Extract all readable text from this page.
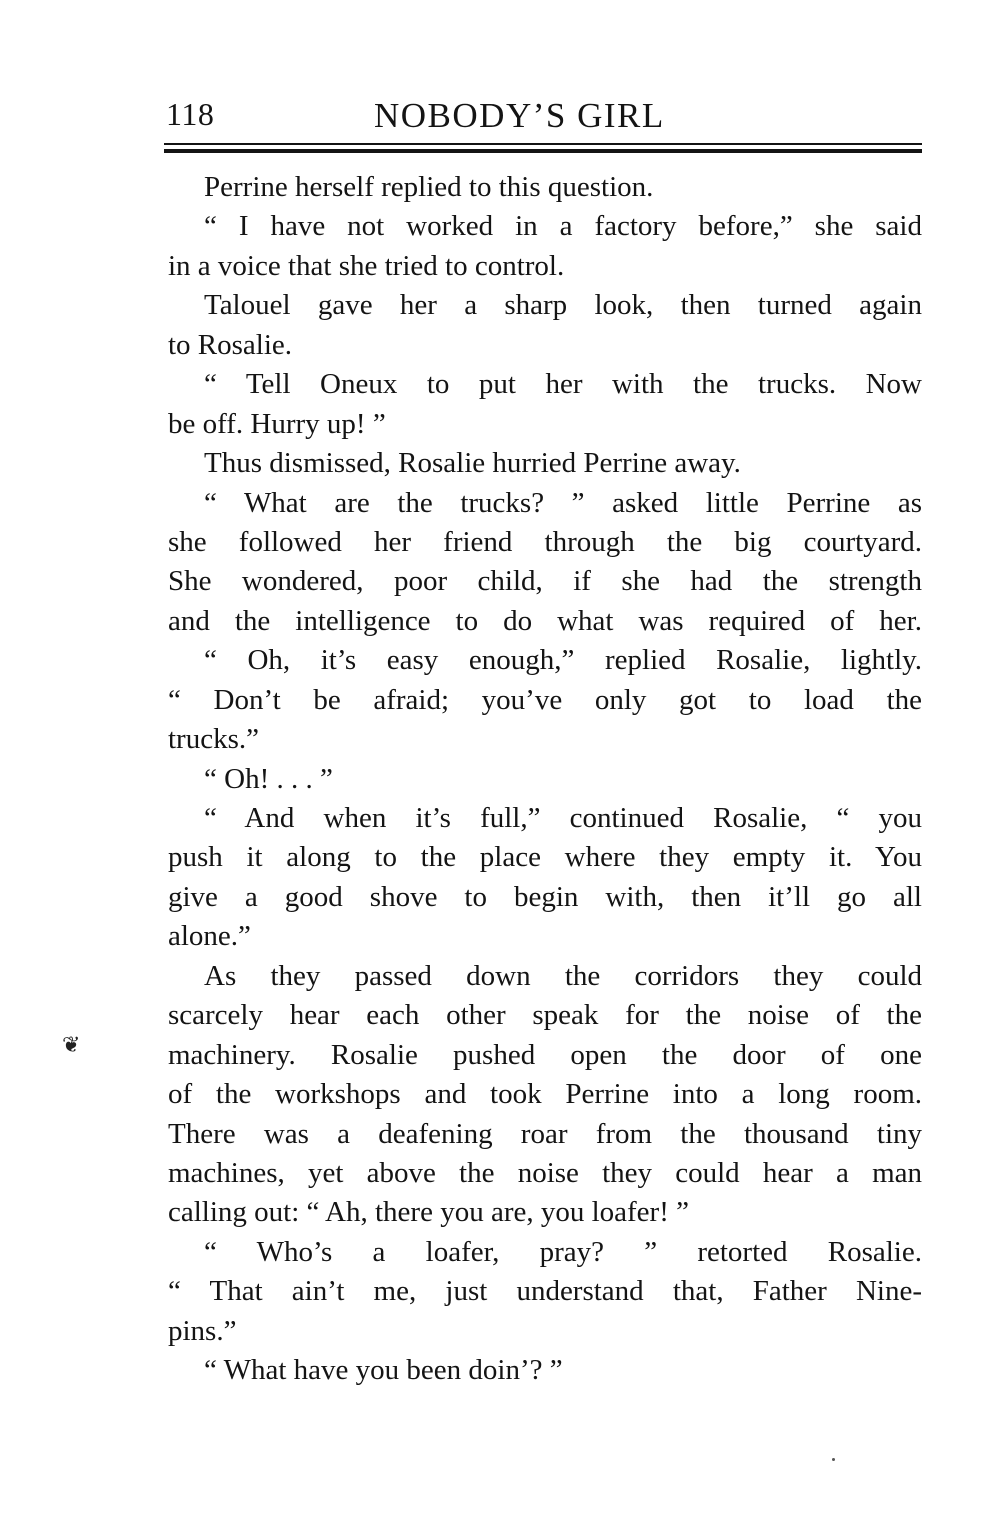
118	NOBODY’S GIRL
Perrine herself replied to this question.
“ I have not worked in a factory before,” she said
in a voice that she tried to control.
Talouel gave her a sharp look, then turned again
to Rosalie.
“ Tell Oneux to put her with the trucks. Now
be off. Hurry up! ”
Thus dismissed, Rosalie hurried Perrine away.
“ What are the trucks? ” asked little Perrine as
she followed her friend through the big courtyard.
She wondered, poor child, if she had the strength
and the intelligence to do what was required of her.
“ Oh, it’s easy enough,” replied Rosalie, lightly.
“ Don’t be afraid; you’ve only got to load the
trucks.”
“ Oh! . . . ”
“ And when it’s full,” continued Rosalie, “ you
push it along to the place where they empty it. You
give a good shove to begin with, then it’ll go all
alone.”
As they passed down the corridors they could
scarcely hear each other speak for the noise of the
machinery. Rosalie pushed open the door of one
of the workshops and took Perrine into a long room.
There was a deafening roar from the thousand tiny
machines, yet above the noise they could hear a man
calling out: “ Ah, there you are, you loafer! ”
“ Who’s a loafer, pray? ” retorted Rosalie.
“ That ain’t me, just understand that, Father Nine-
pins.”
“ What have you been doin’? ”
❦
